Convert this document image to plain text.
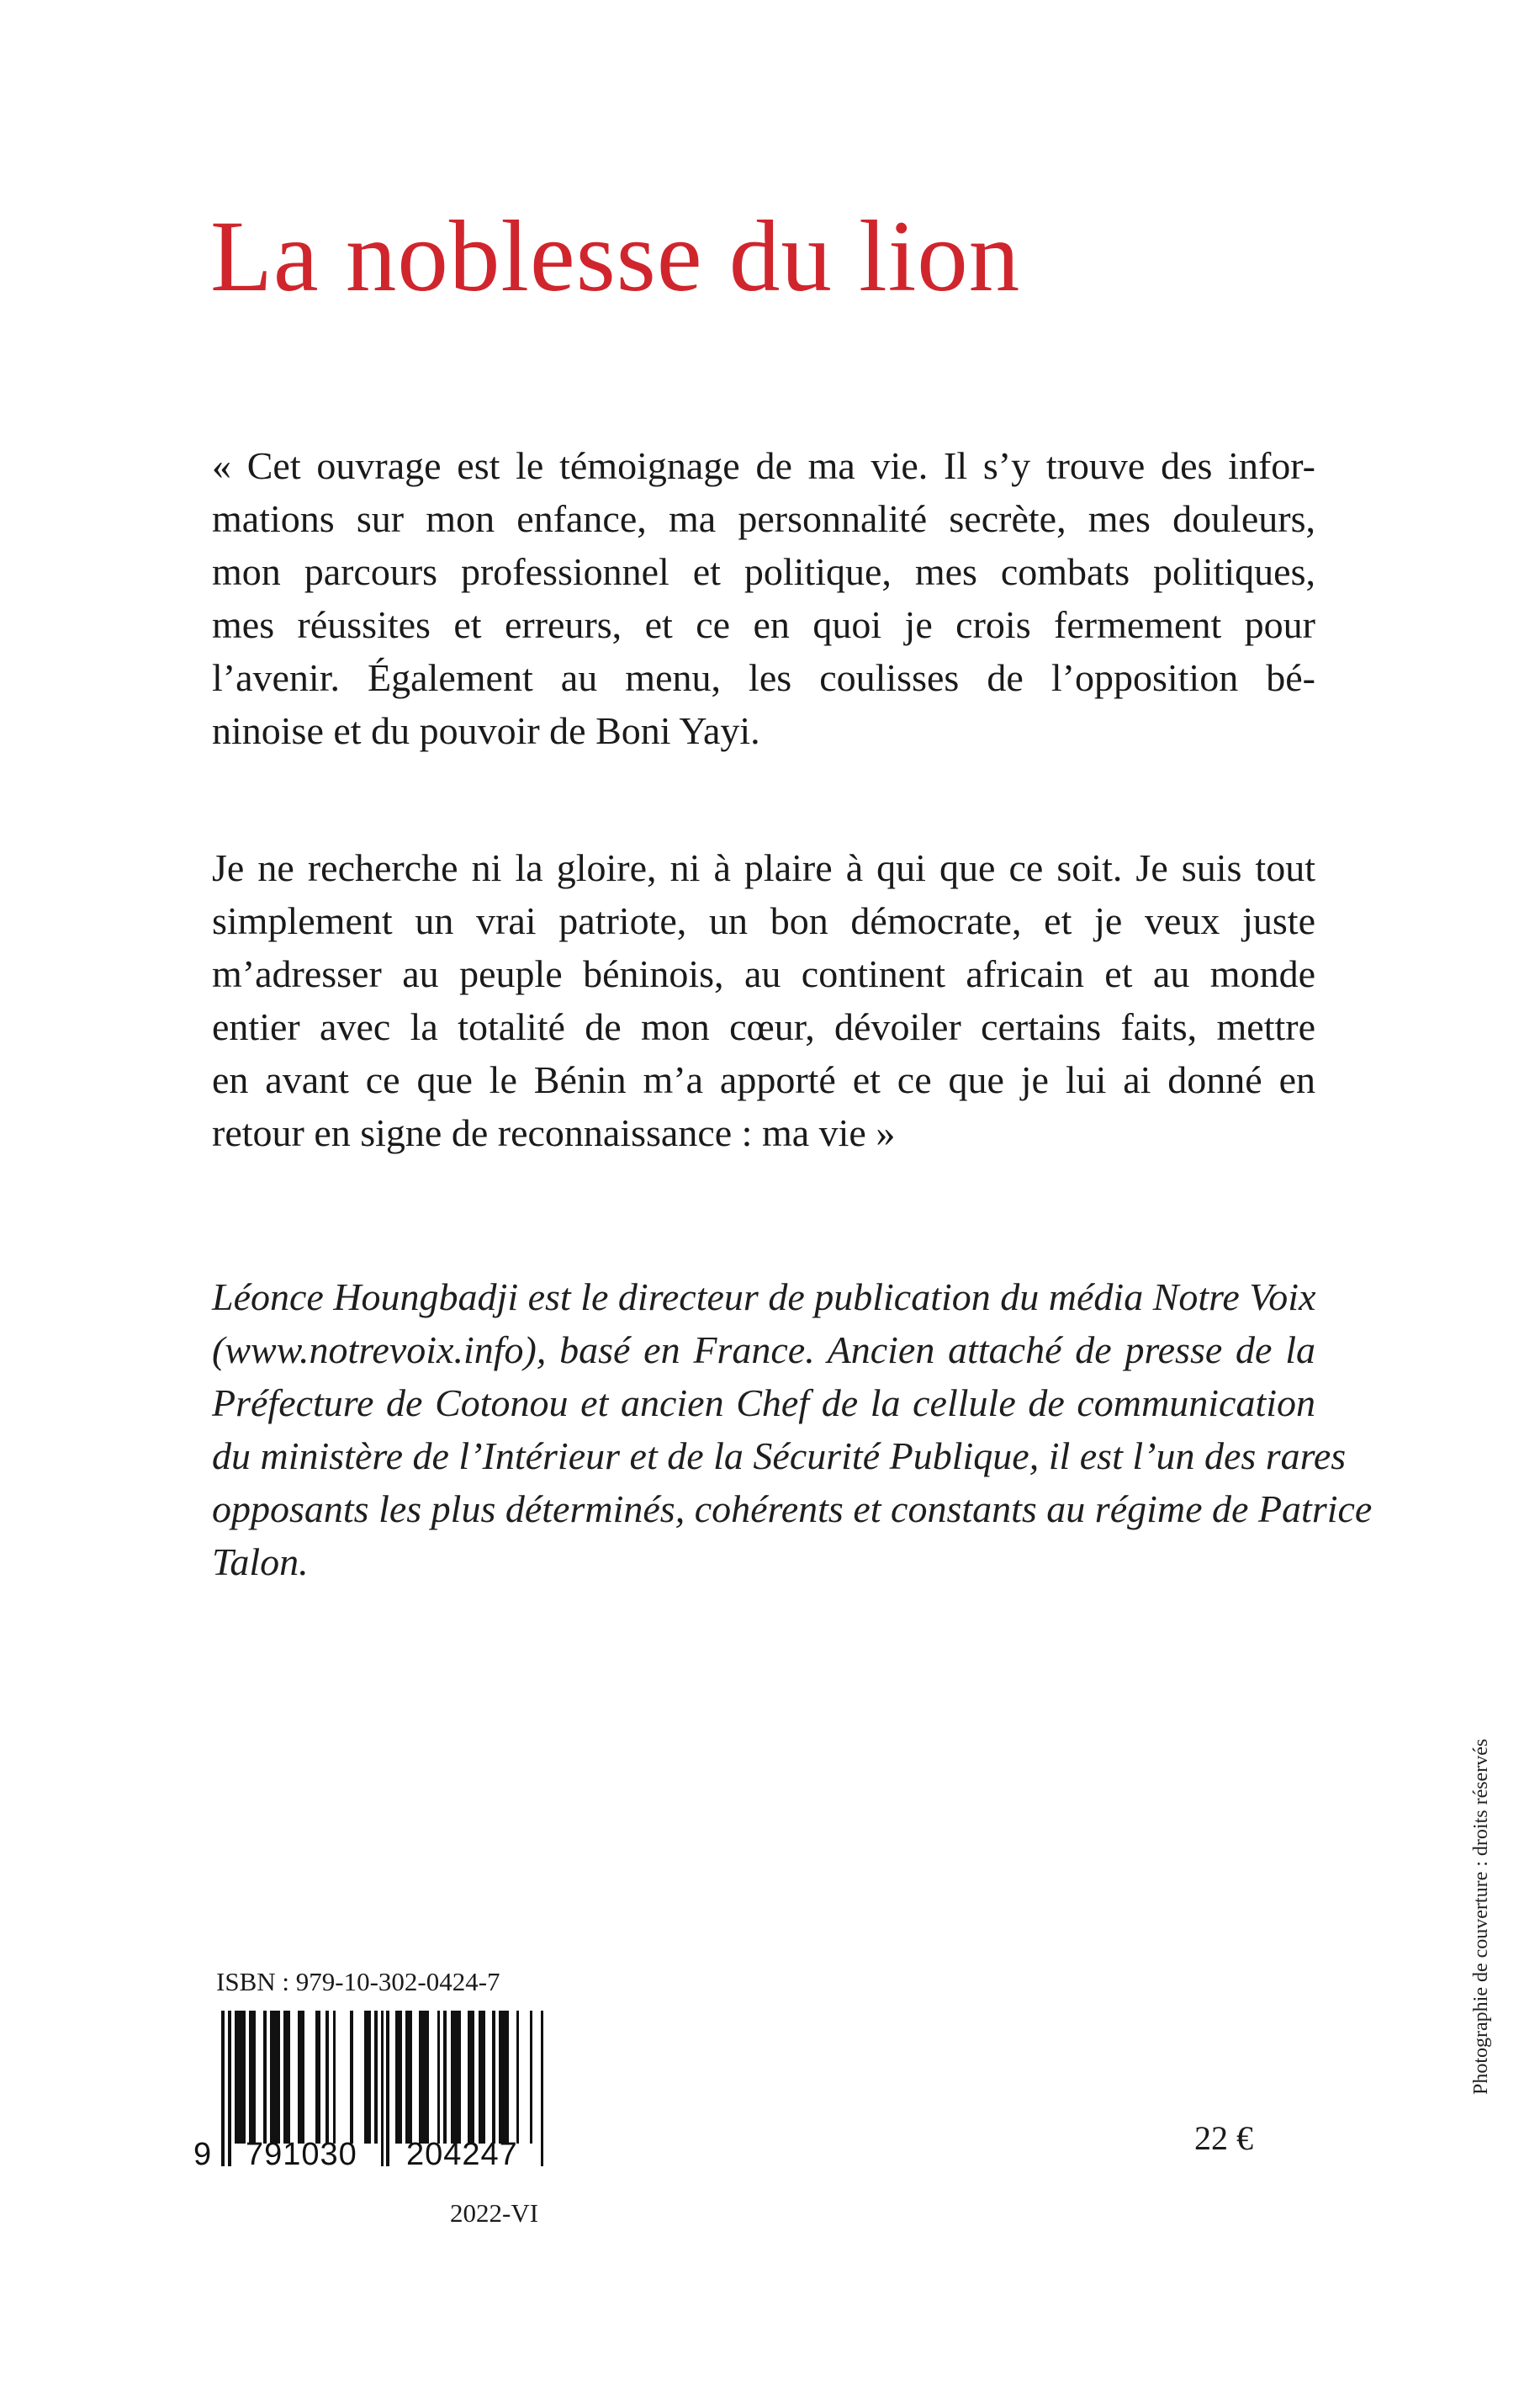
La noblesse du lion
« Cet ouvrage est le témoignage de ma vie. Il s’y trouve des infor-
mations sur mon enfance, ma personnalité secrète, mes douleurs,
mon parcours professionnel et politique, mes combats politiques,
mes réussites et erreurs, et ce en quoi je crois fermement pour
l’avenir. Également au menu, les coulisses de l’opposition bé-
ninoise et du pouvoir de Boni Yayi.
Je ne recherche ni la gloire, ni à plaire à qui que ce soit. Je suis tout
simplement un vrai patriote, un bon démocrate, et je veux juste
m’adresser au peuple béninois, au continent africain et au monde
entier avec la totalité de mon cœur, dévoiler certains faits, mettre
en avant ce que le Bénin m’a apporté et ce que je lui ai donné en
retour en signe de reconnaissance : ma vie »
Léonce Houngbadji est le directeur de publication du média Notre Voix
(www.notrevoix.info), basé en France. Ancien attaché de presse de la
Préfecture de Cotonou et ancien Chef de la cellule de communication
du ministère de l’Intérieur et de la Sécurité Publique, il est l’un des rares
opposants les plus déterminés, cohérents et constants au régime de Patrice
Talon.
ISBN : 979-10-302-0424-7
9 791030 204247
2022-VI
22 €
Photographie de couverture : droits réservés
